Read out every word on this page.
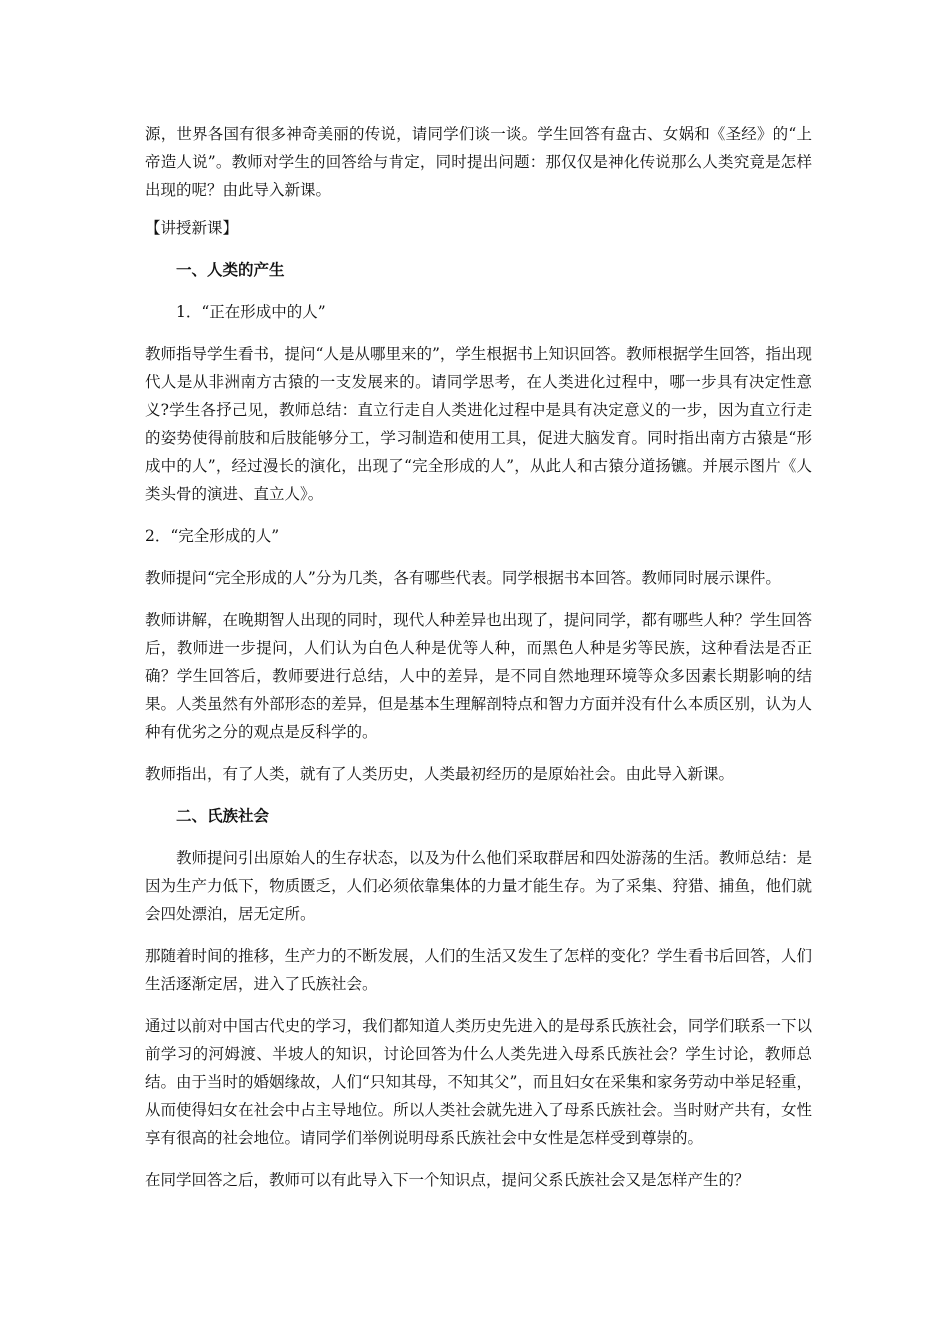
源，世界各国有很多神奇美丽的传说，请同学们谈一谈。学生回答有盘古、女娲和《圣经》的“上帝造人说”。教师对学生的回答给与肯定，同时提出问题：那仅仅是神化传说那么人类究竟是怎样出现的呢？由此导入新课。

【讲授新课】

一、人类的产生

1．“正在形成中的人”

教师指导学生看书，提问“人是从哪里来的”，学生根据书上知识回答。教师根据学生回答，指出现代人是从非洲南方古猿的一支发展来的。请同学思考，在人类进化过程中，哪一步具有决定性意义?学生各抒己见，教师总结：直立行走自人类进化过程中是具有决定意义的一步，因为直立行走的姿势使得前肢和后肢能够分工，学习制造和使用工具，促进大脑发育。同时指出南方古猿是“形成中的人”，经过漫长的演化，出现了“完全形成的人”，从此人和古猿分道扬镳。并展示图片《人类头骨的演进、直立人》。

2．“完全形成的人”

教师提问“完全形成的人”分为几类，各有哪些代表。同学根据书本回答。教师同时展示课件。

教师讲解，在晚期智人出现的同时，现代人种差异也出现了，提问同学，都有哪些人种？学生回答后，教师进一步提问，人们认为白色人种是优等人种，而黑色人种是劣等民族，这种看法是否正确？学生回答后，教师要进行总结，人中的差异，是不同自然地理环境等众多因素长期影响的结果。人类虽然有外部形态的差异，但是基本生理解剖特点和智力方面并没有什么本质区别，认为人种有优劣之分的观点是反科学的。

教师指出，有了人类，就有了人类历史，人类最初经历的是原始社会。由此导入新课。

二、氏族社会

教师提问引出原始人的生存状态，以及为什么他们采取群居和四处游荡的生活。教师总结：是因为生产力低下，物质匮乏，人们必须依靠集体的力量才能生存。为了采集、狩猎、捕鱼，他们就会四处漂泊，居无定所。

那随着时间的推移，生产力的不断发展，人们的生活又发生了怎样的变化？学生看书后回答，人们生活逐渐定居，进入了氏族社会。

通过以前对中国古代史的学习，我们都知道人类历史先进入的是母系氏族社会，同学们联系一下以前学习的河姆渡、半坡人的知识，讨论回答为什么人类先进入母系氏族社会？学生讨论，教师总结。由于当时的婚姻缘故，人们“只知其母，不知其父”，而且妇女在采集和家务劳动中举足轻重，从而使得妇女在社会中占主导地位。所以人类社会就先进入了母系氏族社会。当时财产共有，女性享有很高的社会地位。请同学们举例说明母系氏族社会中女性是怎样受到尊崇的。

在同学回答之后，教师可以有此导入下一个知识点，提问父系氏族社会又是怎样产生的？
